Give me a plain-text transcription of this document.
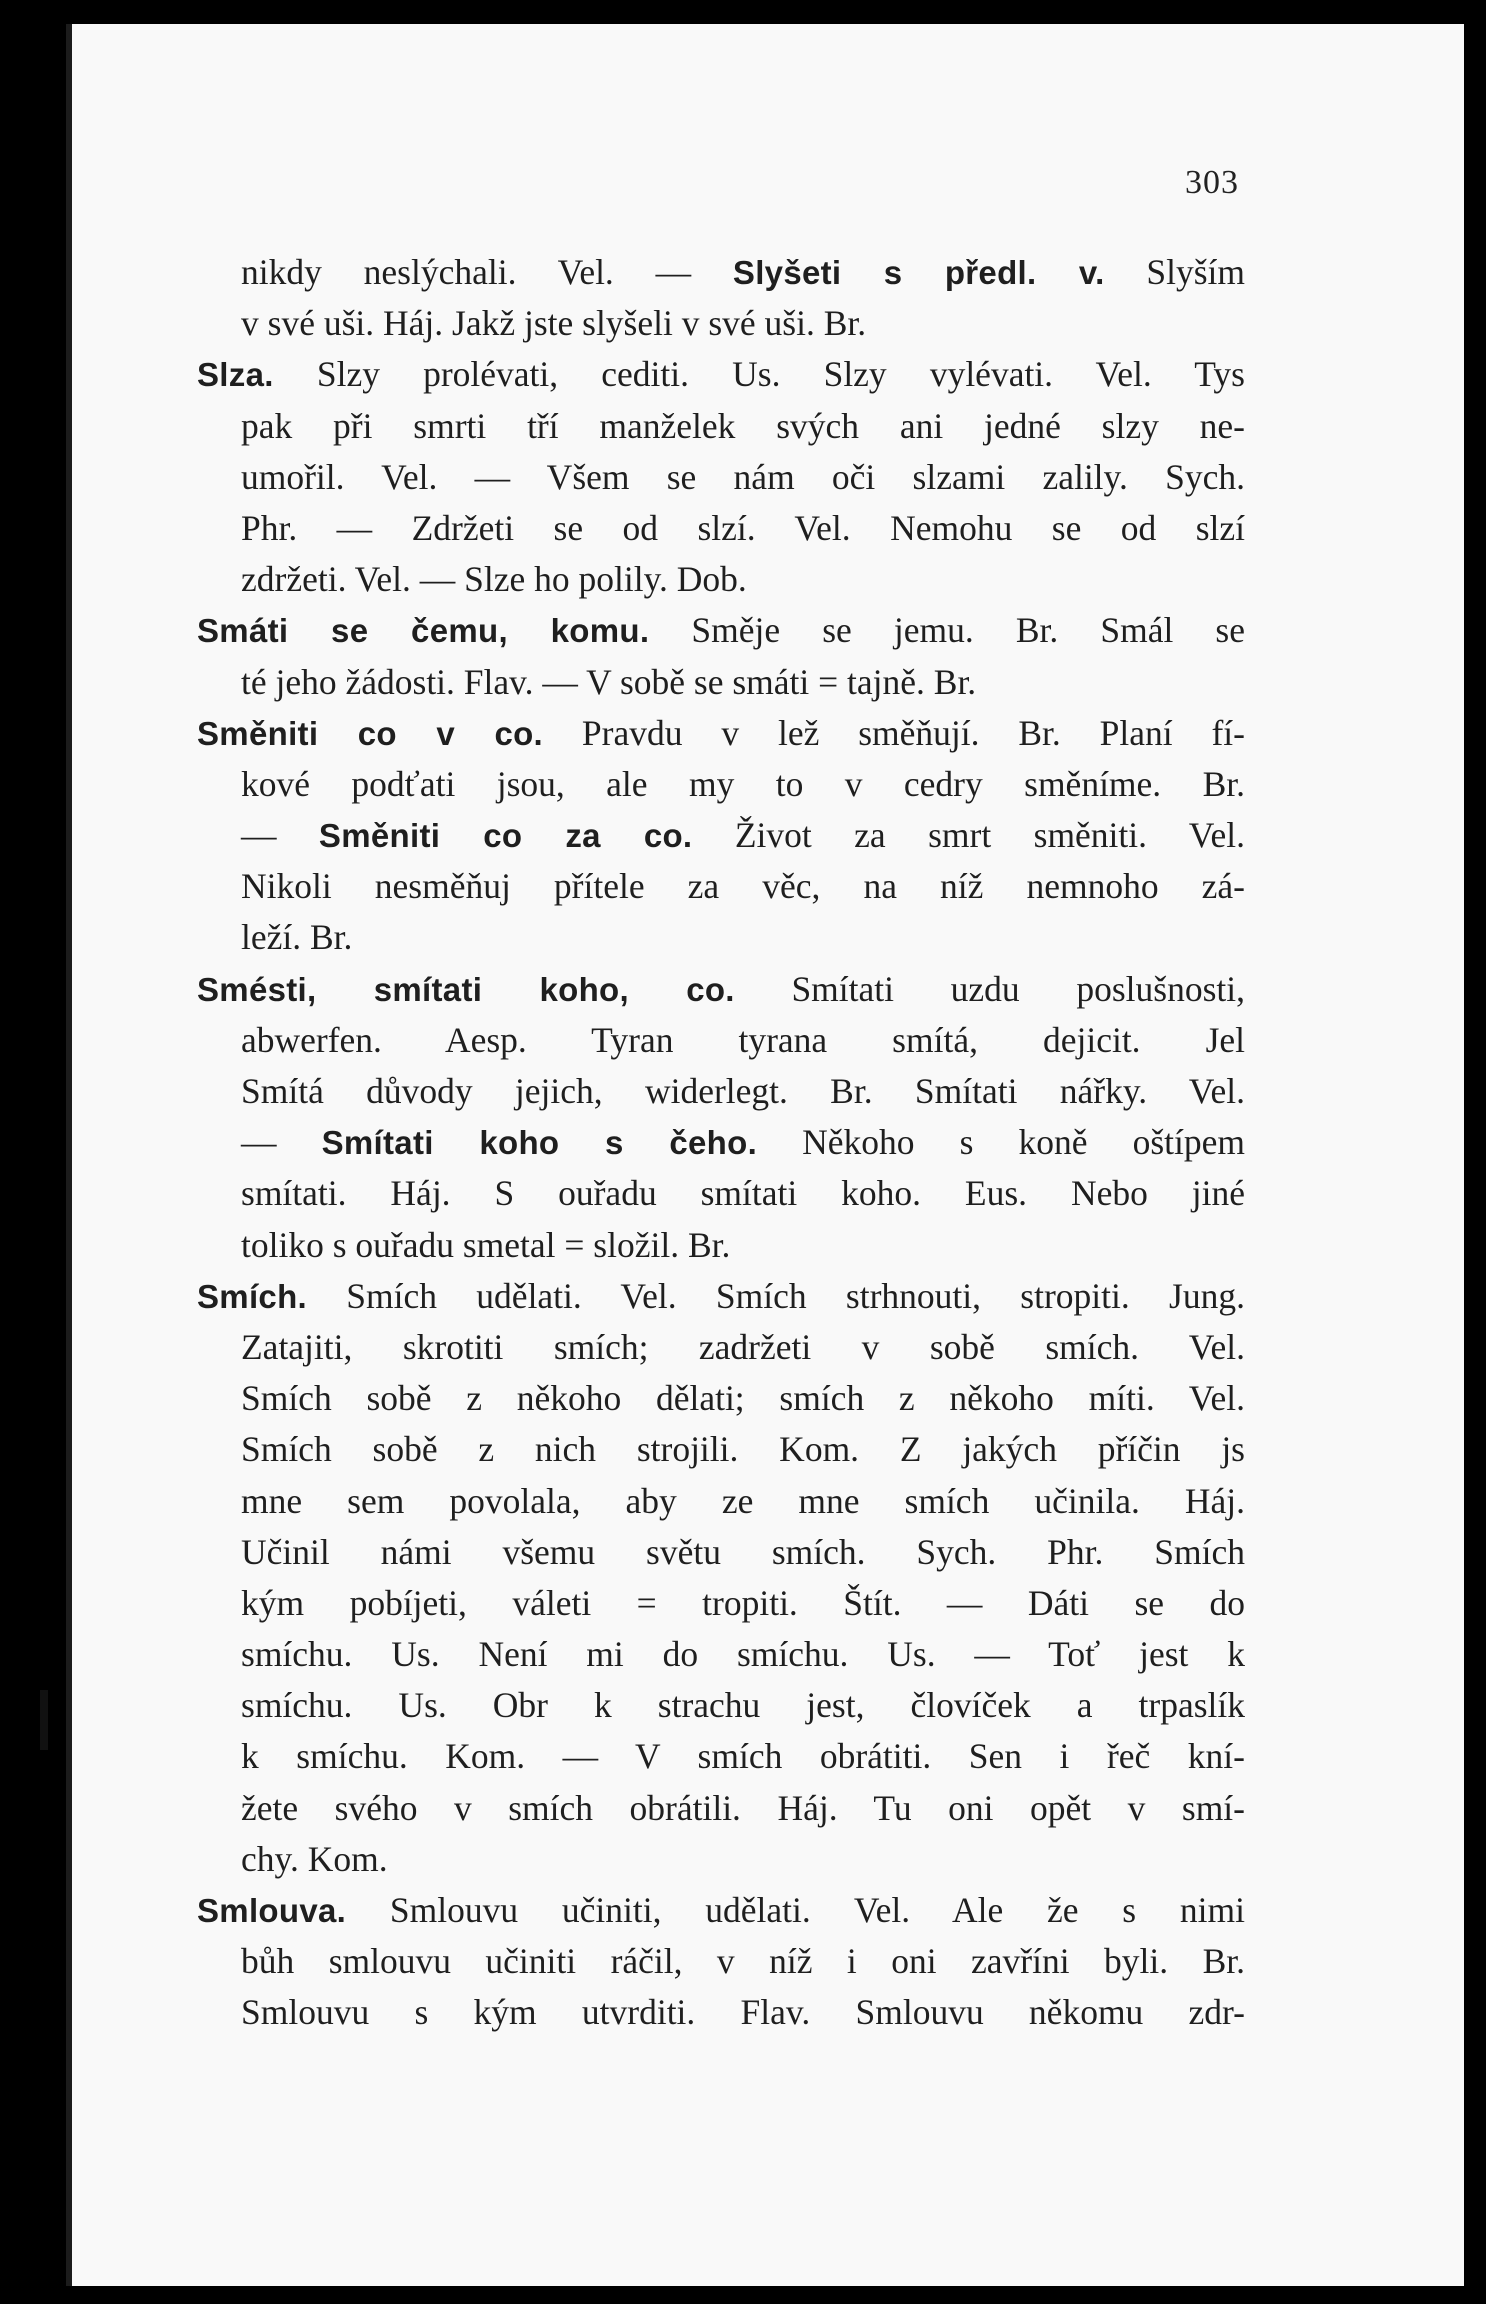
303
nikdy neslýchali. Vel. — Slyšeti s předl. v. Slyším
v své uši. Háj. Jakž jste slyšeli v své uši. Br.
Slza. Slzy prolévati, cediti. Us. Slzy vylévati. Vel. Tys
pak při smrti tří manželek svých ani jedné slzy ne-
umořil. Vel. — Všem se nám oči slzami zalily. Sych.
Phr. — Zdržeti se od slzí. Vel. Nemohu se od slzí
zdržeti. Vel. — Slze ho polily. Dob.
Smáti se čemu, komu. Směje se jemu. Br. Smál se
té jeho žádosti. Flav. — V sobě se smáti = tajně. Br.
Směniti co v co. Pravdu v lež směňují. Br. Planí fí-
kové podťati jsou, ale my to v cedry směníme. Br.
— Směniti co za co. Život za smrt směniti. Vel.
Nikoli nesměňuj přítele za věc, na níž nemnoho zá-
leží. Br.
Smésti, smítati koho, co. Smítati uzdu poslušnosti,
abwerfen. Aesp. Tyran tyrana smítá, dejicit. Jel
Smítá důvody jejich, widerlegt. Br. Smítati nářky. Vel.
— Smítati koho s čeho. Někoho s koně oštípem
smítati. Háj. S ouřadu smítati koho. Eus. Nebo jiné
toliko s ouřadu smetal = složil. Br.
Smích. Smích udělati. Vel. Smích strhnouti, stropiti. Jung.
Zatajiti, skrotiti smích; zadržeti v sobě smích. Vel.
Smích sobě z někoho dělati; smích z někoho míti. Vel.
Smích sobě z nich strojili. Kom. Z jakých příčin js
mne sem povolala, aby ze mne smích učinila. Háj.
Učinil námi všemu světu smích. Sych. Phr. Smích
kým pobíjeti, váleti = tropiti. Štít. — Dáti se do
smíchu. Us. Není mi do smíchu. Us. — Toť jest k
smíchu. Us. Obr k strachu jest, človíček a trpaslík
k smíchu. Kom. — V smích obrátiti. Sen i řeč kní-
žete svého v smích obrátili. Háj. Tu oni opět v smí-
chy. Kom.
Smlouva. Smlouvu učiniti, udělati. Vel. Ale že s nimi
bůh smlouvu učiniti ráčil, v níž i oni zavříni byli. Br.
Smlouvu s kým utvrditi. Flav. Smlouvu někomu zdr-
